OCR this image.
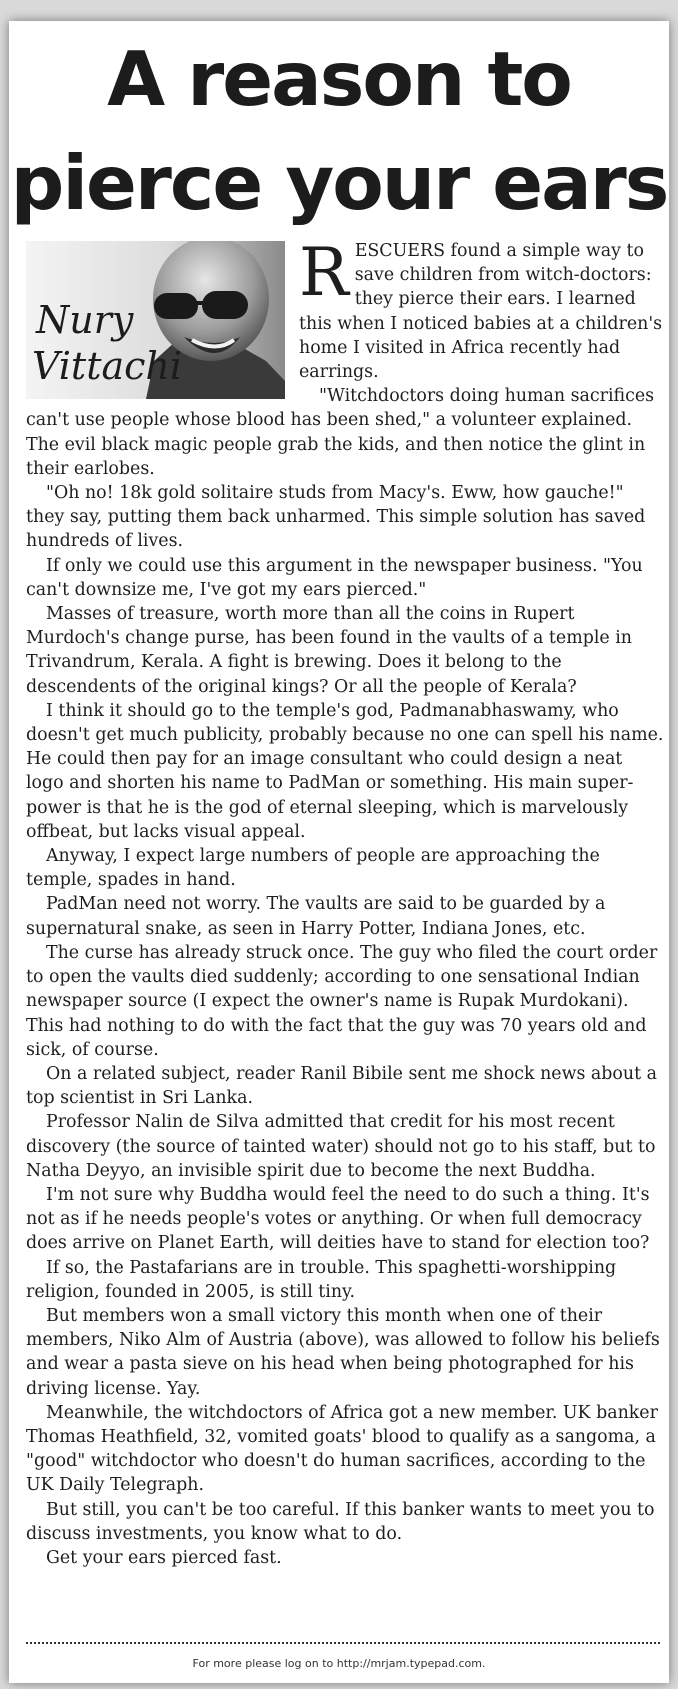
A reason to
pierce your ears
Nury
Vittachi

RESCUERS found a simple way to save children from witch-doctors: they pierce their ears. I learned this when I noticed babies at a children's home I visited in Africa recently had earrings.

"Witchdoctors doing human sacrifices can't use people whose blood has been shed," a volunteer explained. The evil black magic people grab the kids, and then notice the glint in their earlobes.

"Oh no! 18k gold solitaire studs from Macy's. Eww, how gauche!" they say, putting them back unharmed. This simple solution has saved hundreds of lives.

If only we could use this argument in the newspaper business. "You can't downsize me, I've got my ears pierced."

Masses of treasure, worth more than all the coins in Rupert Murdoch's change purse, has been found in the vaults of a temple in Trivandrum, Kerala. A fight is brewing. Does it belong to the descendents of the original kings? Or all the people of Kerala?

I think it should go to the temple's god, Padmanabhaswamy, who doesn't get much publicity, probably because no one can spell his name. He could then pay for an image consultant who could design a neat logo and shorten his name to PadMan or something. His main super-power is that he is the god of eternal sleeping, which is marvelously offbeat, but lacks visual appeal.

Anyway, I expect large numbers of people are approaching the temple, spades in hand.

PadMan need not worry. The vaults are said to be guarded by a supernatural snake, as seen in Harry Potter, Indiana Jones, etc.

The curse has already struck once. The guy who filed the court order to open the vaults died suddenly; according to one sensational Indian newspaper source (I expect the owner's name is Rupak Murdokani). This had nothing to do with the fact that the guy was 70 years old and sick, of course.

On a related subject, reader Ranil Bibile sent me shock news about a top scientist in Sri Lanka.

Professor Nalin de Silva admitted that credit for his most recent discovery (the source of tainted water) should not go to his staff, but to Natha Deyyo, an invisible spirit due to become the next Buddha.

I'm not sure why Buddha would feel the need to do such a thing. It's not as if he needs people's votes or anything. Or when full democracy does arrive on Planet Earth, will deities have to stand for election too?

If so, the Pastafarians are in trouble. This spaghetti-worshipping religion, founded in 2005, is still tiny.

But members won a small victory this month when one of their members, Niko Alm of Austria (above), was allowed to follow his beliefs and wear a pasta sieve on his head when being photographed for his driving license. Yay.

Meanwhile, the witchdoctors of Africa got a new member. UK banker Thomas Heathfield, 32, vomited goats' blood to qualify as a sangoma, a "good" witchdoctor who doesn't do human sacrifices, according to the UK Daily Telegraph.

But still, you can't be too careful. If this banker wants to meet you to discuss investments, you know what to do.

Get your ears pierced fast.

For more please log on to http://mrjam.typepad.com.
